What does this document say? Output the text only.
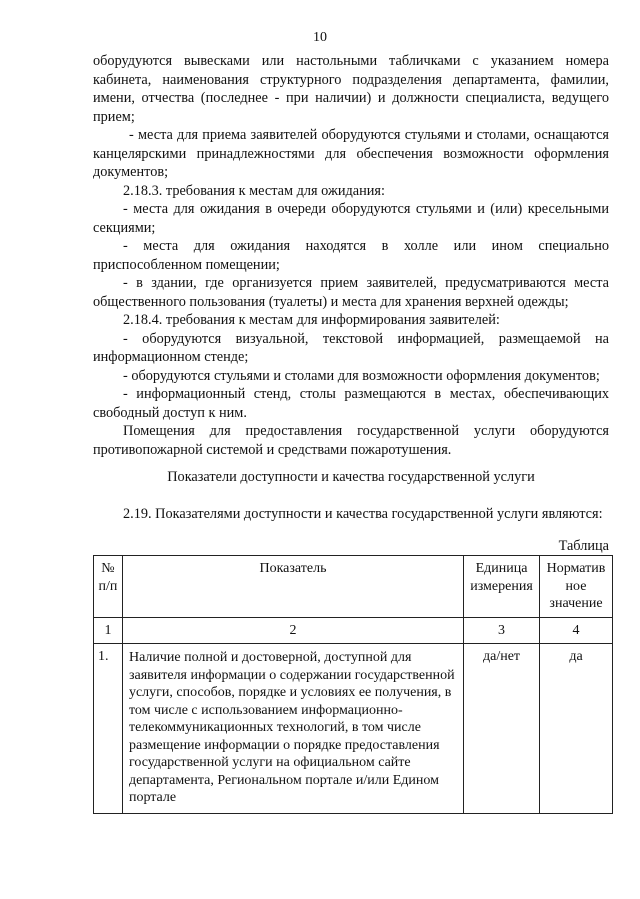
10

оборудуются вывесками или настольными табличками с указанием номера кабинета, наименования структурного подразделения департамента, фамилии, имени, отчества (последнее - при наличии) и должности специалиста, ведущего прием;

- места для приема заявителей оборудуются стульями и столами, оснащаются канцелярскими принадлежностями для обеспечения возможности оформления документов;

2.18.3. требования к местам для ожидания:

- места для ожидания в очереди оборудуются стульями и (или) кресельными секциями;

- места для ожидания находятся в холле или ином специально приспособленном помещении;

- в здании, где организуется прием заявителей, предусматриваются места общественного пользования (туалеты) и места для хранения верхней одежды;

2.18.4. требования к местам для информирования заявителей:

- оборудуются визуальной, текстовой информацией, размещаемой на информационном стенде;

- оборудуются стульями и столами для возможности оформления документов;

- информационный стенд, столы размещаются в местах, обеспечивающих свободный доступ к ним.

Помещения для предоставления государственной услуги оборудуются противопожарной системой и средствами пожаротушения.

Показатели доступности и качества государственной услуги
2.19. Показателями доступности и качества государственной услуги являются:
Таблица
№ п/п	Показатель	Единица измерения	Норматив ное значение
1	2	3	4
1.	Наличие полной и достоверной, доступной для заявителя информации о содержании государственной услуги, способов, порядке и условиях ее получения, в том числе с использованием информационно-телекоммуникационных технологий, в том числе размещение информации о порядке предоставления государственной услуги на официальном сайте департамента, Региональном портале и/или Едином портале	да/нет	да
